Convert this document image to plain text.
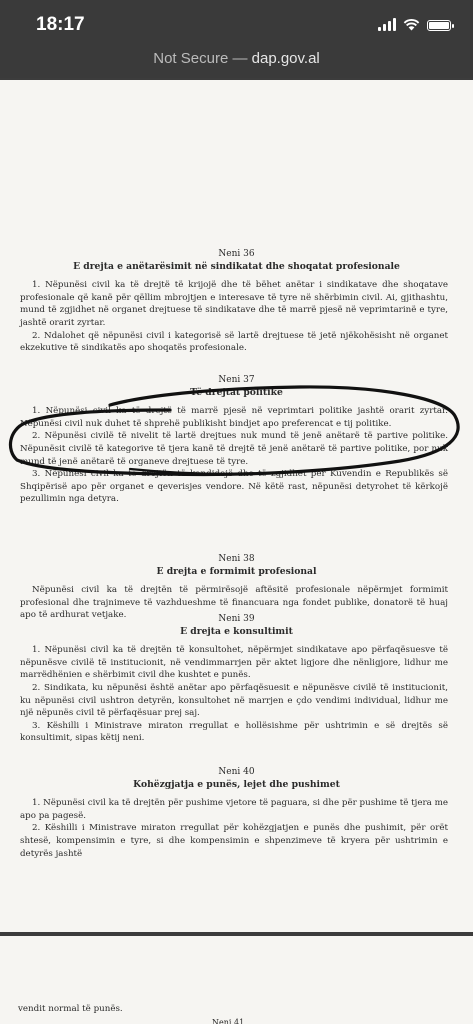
18:17
Not Secure — dap.gov.al
Neni 36
E drejta e anëtarësimit në sindikatat dhe shoqatat profesionale

1. Nëpunësi civil ka të drejtë të krijojë dhe të bëhet anëtar i sindikatave dhe shoqatave profesionale që kanë për qëllim mbrojtjen e interesave të tyre në shërbimin civil. Ai, gjithashtu, mund të zgjidhet në organet drejtuese të sindikatave dhe të marrë pjesë në veprimtarinë e tyre, jashtë orarit zyrtar.

2. Ndalohet që nëpunësi civil i kategorisë së lartë drejtuese të jetë njëkohësisht në organet ekzekutive të sindikatës apo shoqatës profesionale.

Neni 37
Të drejtat politike

1. Nëpunësi civil ka të drejtë të marrë pjesë në veprimtari politike jashtë orarit zyrtar. Nëpunësi civil nuk duhet të shprehë publikisht bindjet apo preferencat e tij politike.

2. Nëpunësi civilë të nivelit të lartë drejtues nuk mund të jenë anëtarë të partive politike. Nëpunësit civilë të kategorive të tjera kanë të drejtë të jenë anëtarë të partive politike, por nuk mund të jenë anëtarë të organeve drejtuese të tyre.

3. Nëpunësi civil ka të drejtën të kandidojë dhe të zgjidhet për Kuvendin e Republikës së Shqipërisë apo për organet e qeverisjes vendore. Në këtë rast, nëpunësi detyrohet të kërkojë pezullimin nga detyra.

Neni 38
E drejta e formimit profesional

Nëpunësi civil ka të drejtën të përmirësojë aftësitë profesionale nëpërmjet formimit profesional dhe trajnimeve të vazhdueshme të financuara nga fondet publike, donatorë të huaj apo të ardhurat vetjake.	Neni 39
E drejta e konsultimit

1. Nëpunësi civil ka të drejtën të konsultohet, nëpërmjet sindikatave apo përfaqësuesve të nëpunësve civilë të institucionit, në vendimmarrjen për aktet ligjore dhe nënligjore, lidhur me marrëdhënien e shërbimit civil dhe kushtet e punës.

2. Sindikata, ku nëpunësi është anëtar apo përfaqësuesit e nëpunësve civilë të institucionit, ku nëpunësi civil ushtron detyrën, konsultohet në marrjen e çdo vendimi individual, lidhur me një nëpunës civil të përfaqësuar prej saj.

3. Këshilli i Ministrave miraton rregullat e hollësishme për ushtrimin e së drejtës së konsultimit, sipas këtij neni.

Neni 40
Kohëzgjatja e punës, lejet dhe pushimet

1. Nëpunësi civil ka të drejtën për pushime vjetore të paguara, si dhe për pushime të tjera me apo pa pagesë.

2. Këshilli i Ministrave miraton rregullat për kohëzgjatjen e punës dhe pushimit, për orët shtesë, kompensimin e tyre, si dhe kompensimin e shpenzimeve të kryera për ushtrimin e detyrës jashtë

vendit normal të punës.
Neni 41
